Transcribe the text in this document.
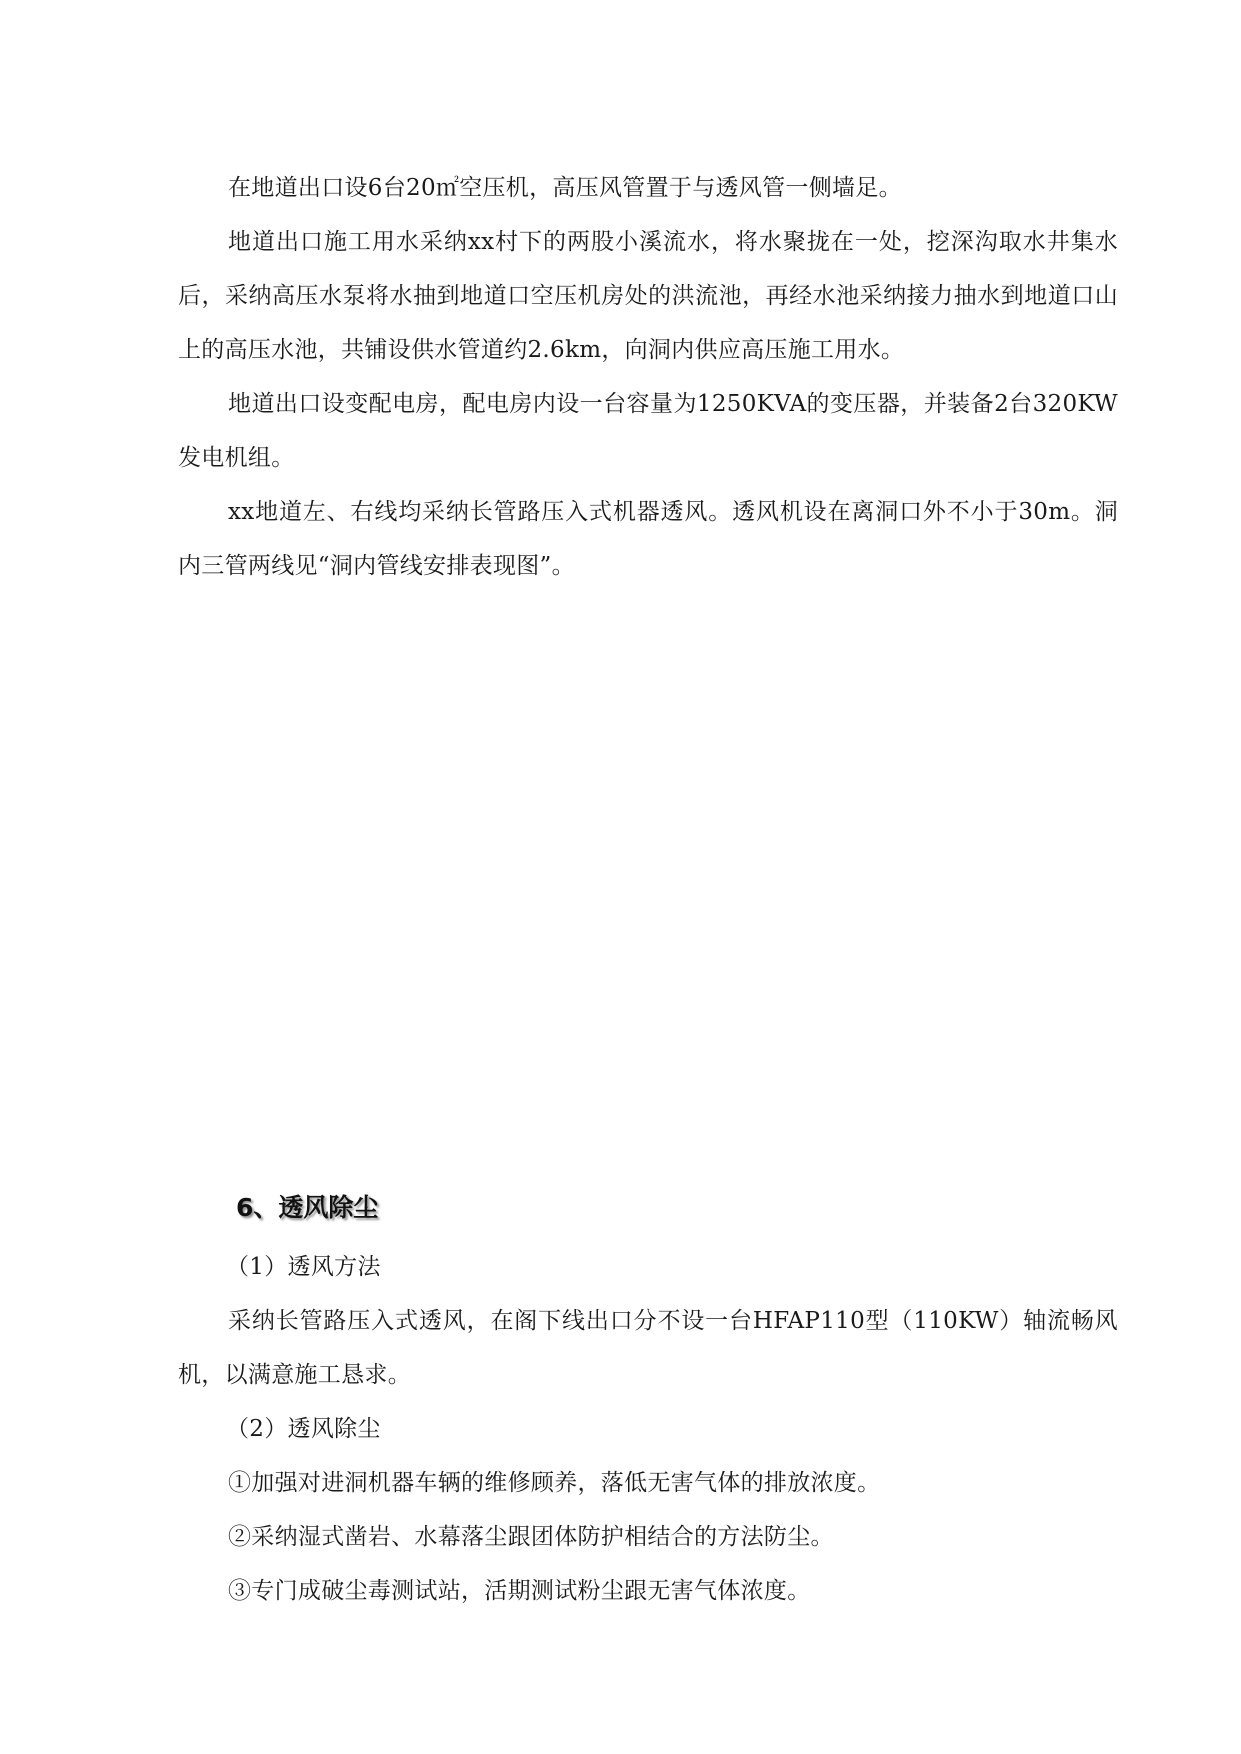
在地道出口设6台20㎡空压机，高压风管置于与透风管一侧墙足。

地道出口施工用水采纳xx村下的两股小溪流水，将水聚拢在一处，挖深沟取水井集水后，采纳高压水泵将水抽到地道口空压机房处的洪流池，再经水池采纳接力抽水到地道口山上的高压水池，共铺设供水管道约2.6km，向洞内供应高压施工用水。

地道出口设变配电房，配电房内设一台容量为1250KVA的变压器，并装备2台320KW发电机组。

xx地道左、右线均采纳长管路压入式机器透风。透风机设在离洞口外不小于30m。洞内三管两线见“洞内管线安排表现图”。

6、透风除尘

（1）透风方法

采纳长管路压入式透风，在阁下线出口分不设一台HFAP110型（110KW）轴流畅风机，以满意施工恳求。

（2）透风除尘

①加强对进洞机器车辆的维修顾养，落低无害气体的排放浓度。

②采纳湿式凿岩、水幕落尘跟团体防护相结合的方法防尘。

③专门成破尘毒测试站，活期测试粉尘跟无害气体浓度。
